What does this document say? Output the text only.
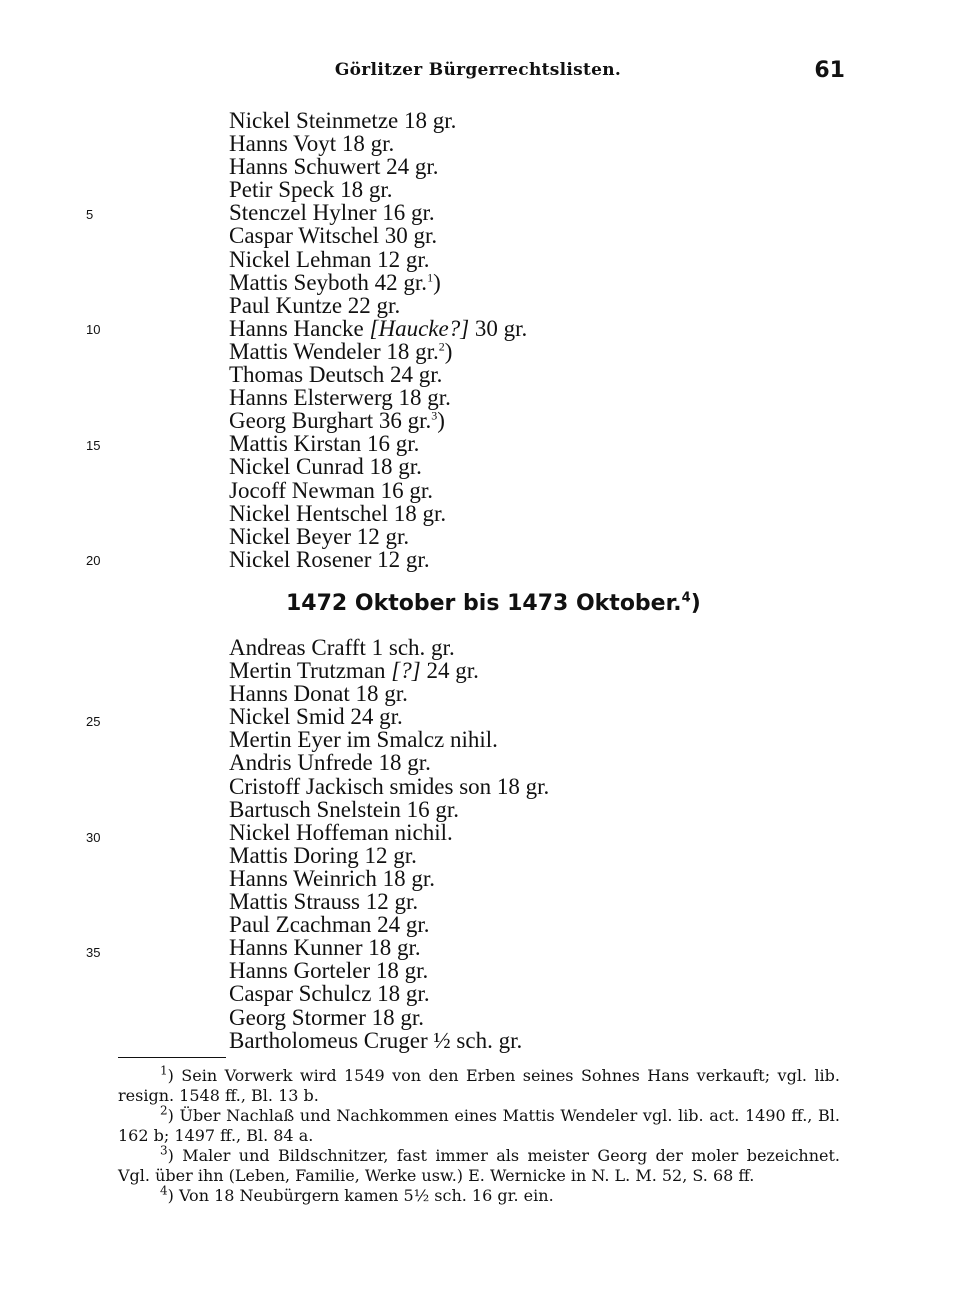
Görlitzer Bürgerrechtslisten.	61
5
10
15
20
25
30
35
Nickel Steinmetze 18 gr.
Hanns Voyt 18 gr.
Hanns Schuwert 24 gr.
Petir Speck 18 gr.
Stenczel Hylner 16 gr.
Caspar Witschel 30 gr.
Nickel Lehman 12 gr.
Mattis Seyboth 42 gr.$^1$)
Paul Kuntze 22 gr.
Hanns Hancke [Haucke?] 30 gr.
Mattis Wendeler 18 gr.$^2$)
Thomas Deutsch 24 gr.
Hanns Elsterwerg 18 gr.
Georg Burghart 36 gr.$^3$)
Mattis Kirstan 16 gr.
Nickel Cunrad 18 gr.
Jocoff Newman 16 gr.
Nickel Hentschel 18 gr.
Nickel Beyer 12 gr.
Nickel Rosener 12 gr.
1472 Oktober bis 1473 Oktober.$^4$)
Andreas Crafft 1 sch. gr.
Mertin Trutzman [?] 24 gr.
Hanns Donat 18 gr.
Nickel Smid 24 gr.
Mertin Eyer im Smalcz nihil.
Andris Unfrede 18 gr.
Cristoff Jackisch smides son 18 gr.
Bartusch Snelstein 16 gr.
Nickel Hoffeman nichil.
Mattis Doring 12 gr.
Hanns Weinrich 18 gr.
Mattis Strauss 12 gr.
Paul Zcachman 24 gr.
Hanns Kunner 18 gr.
Hanns Gorteler 18 gr.
Caspar Schulcz 18 gr.
Georg Stormer 18 gr.
Bartholomeus Cruger ½ sch. gr.

$^1$) Sein Vorwerk wird 1549 von den Erben seines Sohnes Hans verkauft; vgl. lib. resign. 1548 ff., Bl. 13 b.

$^2$) Über Nachlaß und Nachkommen eines Mattis Wendeler vgl. lib. act. 1490 ff., Bl. 162 b; 1497 ff., Bl. 84 a.

$^3$) Maler und Bildschnitzer, fast immer als meister Georg der moler bezeichnet. Vgl. über ihn (Leben, Familie, Werke usw.) E. Wernicke in N. L. M. 52, S. 68 ff.

$^4$) Von 18 Neubürgern kamen 5½ sch. 16 gr. ein.
